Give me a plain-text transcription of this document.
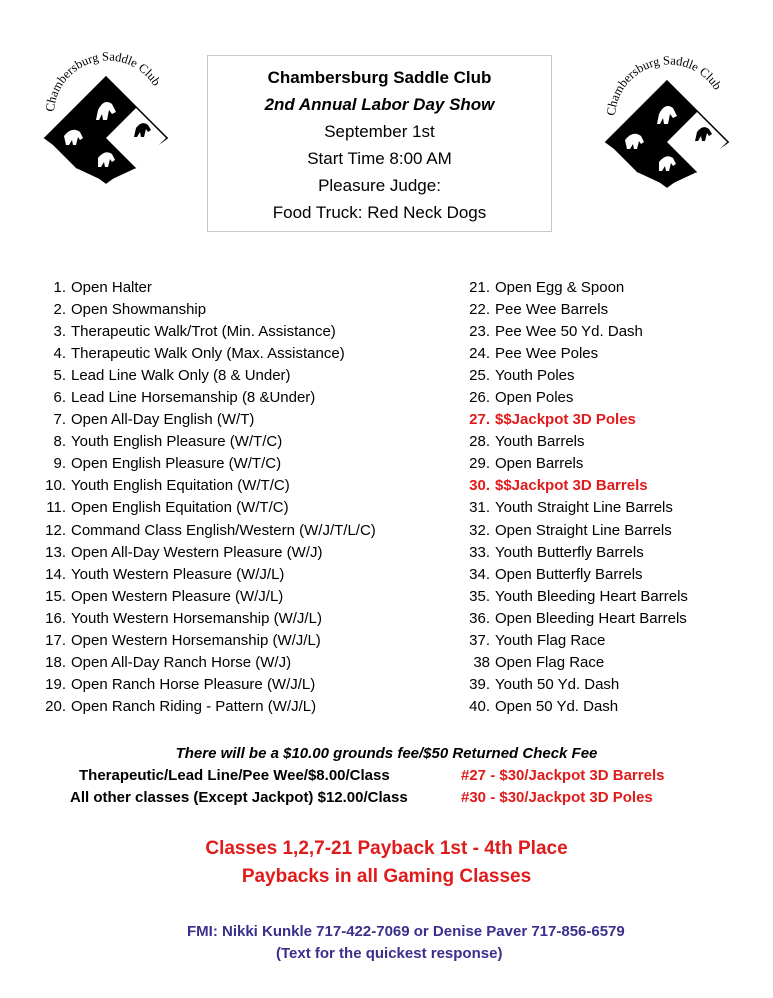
Chambersburg Saddle Club
Chambersburg Saddle Club
Chambersburg Saddle Club
2nd Annual Labor Day Show
September 1st
Start Time 8:00 AM
Pleasure Judge:
Food Truck: Red Neck Dogs
1. Open Halter
2. Open Showmanship
3. Therapeutic Walk/Trot (Min. Assistance)
4. Therapeutic Walk Only (Max. Assistance)
5. Lead Line Walk Only (8 & Under)
6. Lead Line Horsemanship (8 &Under)
7. Open All-Day English (W/T)
8. Youth English Pleasure (W/T/C)
9. Open English Pleasure (W/T/C)
10. Youth English Equitation (W/T/C)
11. Open English Equitation (W/T/C)
12. Command Class English/Western (W/J/T/L/C)
13. Open All-Day Western Pleasure (W/J)
14. Youth Western Pleasure (W/J/L)
15. Open Western Pleasure (W/J/L)
16. Youth Western Horsemanship (W/J/L)
17. Open Western Horsemanship (W/J/L)
18. Open All-Day Ranch Horse (W/J)
19. Open Ranch Horse Pleasure (W/J/L)
20. Open Ranch Riding - Pattern (W/J/L)
21. Open Egg & Spoon
22. Pee Wee Barrels
23. Pee Wee 50 Yd. Dash
24. Pee Wee Poles
25. Youth Poles
26. Open Poles
27. $$Jackpot 3D Poles
28. Youth Barrels
29. Open Barrels
30. $$Jackpot 3D Barrels
31. Youth Straight Line Barrels
32. Open Straight Line Barrels
33. Youth Butterfly Barrels
34. Open Butterfly Barrels
35. Youth Bleeding Heart Barrels
36. Open Bleeding Heart Barrels
37. Youth Flag Race
38 Open Flag Race
39. Youth 50 Yd. Dash
40. Open 50 Yd. Dash
There will be a $10.00 grounds fee/$50 Returned Check Fee
Therapeutic/Lead Line/Pee Wee/$8.00/Class
All other classes (Except Jackpot) $12.00/Class
#27 - $30/Jackpot 3D Barrels
#30 - $30/Jackpot 3D Poles
Classes 1,2,7-21 Payback 1st - 4th Place
Paybacks in all Gaming Classes
FMI: Nikki Kunkle 717-422-7069 or Denise Paver 717-856-6579
(Text for the quickest response)
